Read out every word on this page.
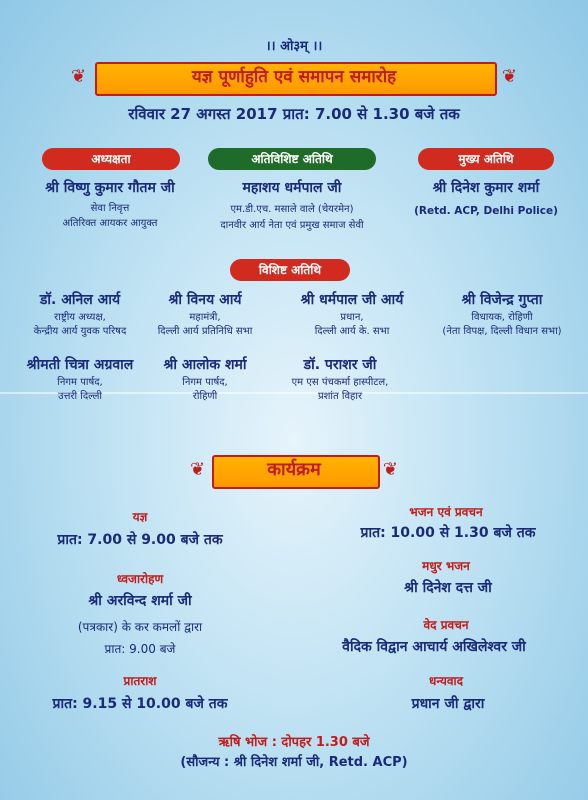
।। ओ३म् ।।
❦	❦
यज्ञ पूर्णाहुति एवं समापन समारोह
रविवार 27 अगस्त 2017 प्रात: 7.00 से 1.30 बजे तक
अध्यक्षता
श्री विष्णु कुमार गौतम जी
सेवा निवृत्त
अतिरिक्त आयकर आयुक्त
अतिविशिष्ट अतिथि
महाशय धर्मपाल जी
एम.डी.एच. मसाले वाले (चेयरमेन)
दानवीर आर्य नेता एवं प्रमुख समाज सेवी
मुख्य अतिथि
श्री दिनेश कुमार शर्मा
(Retd. ACP, Delhi Police)
विशिष्ट अतिथि
डॉ. अनिल आर्य
राष्ट्रीय अध्यक्ष,
केन्द्रीय आर्य युवक परिषद
श्री विनय आर्य
महामंत्री,
दिल्ली आर्य प्रतिनिधि सभा
श्री धर्मपाल जी आर्य
प्रधान,
दिल्ली आर्य के. सभा
श्री विजेन्द्र गुप्ता
विधायक, रोहिणी
(नेता विपक्ष, दिल्ली विधान सभा)
श्रीमती चित्रा अग्रवाल
निगम पार्षद,
उत्तरी दिल्ली
श्री आलोक शर्मा
निगम पार्षद,
रोहिणी
डॉ. पराशर जी
एम एस पंचकर्मा हास्पीटल,
प्रशांत विहार
❦	❦
कार्यक्रम
यज्ञ
प्रात: 7.00 से 9.00 बजे तक
ध्वजारोहण
श्री अरविन्द शर्मा जी
(पत्रकार) के कर कमलों द्वारा
प्रात: 9.00 बजे
प्रातराश
प्रात: 9.15 से 10.00 बजे तक
भजन एवं प्रवचन
प्रात: 10.00 से 1.30 बजे तक
मधुर भजन
श्री दिनेश दत्त जी
वेद प्रवचन
वैदिक विद्वान आचार्य अखिलेश्वर जी
धन्यवाद
प्रधान जी द्वारा
ऋषि भोज : दोपहर 1.30 बजे
(सौजन्य : श्री दिनेश शर्मा जी, Retd. ACP)
